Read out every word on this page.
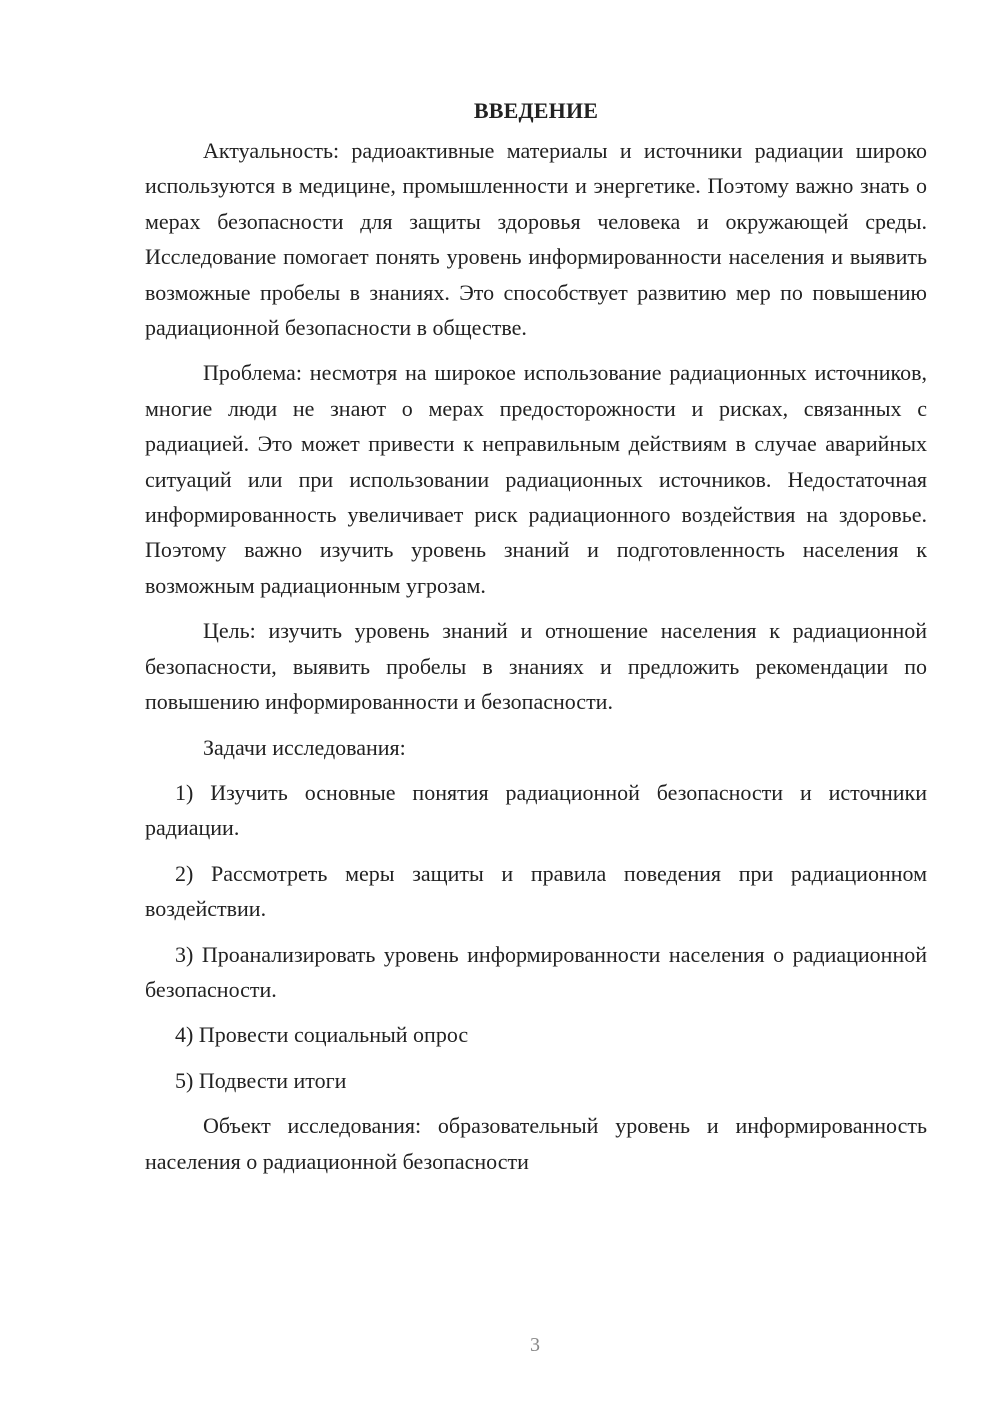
ВВЕДЕНИЕ

Актуальность: радиоактивные материалы и источники радиации широко используются в медицине, промышленности и энергетике. Поэтому важно знать о мерах безопасности для защиты здоровья человека и окружающей среды. Исследование помогает понять уровень информированности населения и выявить возможные пробелы в знаниях. Это способствует развитию мер по повышению радиационной безопасности в обществе.

Проблема: несмотря на широкое использование радиационных источников, многие люди не знают о мерах предосторожности и рисках, связанных с радиацией. Это может привести к неправильным действиям в случае аварийных ситуаций или при использовании радиационных источников. Недостаточная информированность увеличивает риск радиационного воздействия на здоровье. Поэтому важно изучить уровень знаний и подготовленность населения к возможным радиационным угрозам.

Цель: изучить уровень знаний и отношение населения к радиационной безопасности, выявить пробелы в знаниях и предложить рекомендации по повышению информированности и безопасности.

Задачи исследования:

1) Изучить основные понятия радиационной безопасности и источники радиации.

2) Рассмотреть меры защиты и правила поведения при радиационном воздействии.

3) Проанализировать уровень информированности населения о радиационной безопасности.

4) Провести социальный опрос

5) Подвести итоги

Объект исследования: образовательный уровень и информированность населения о радиационной безопасности

3
